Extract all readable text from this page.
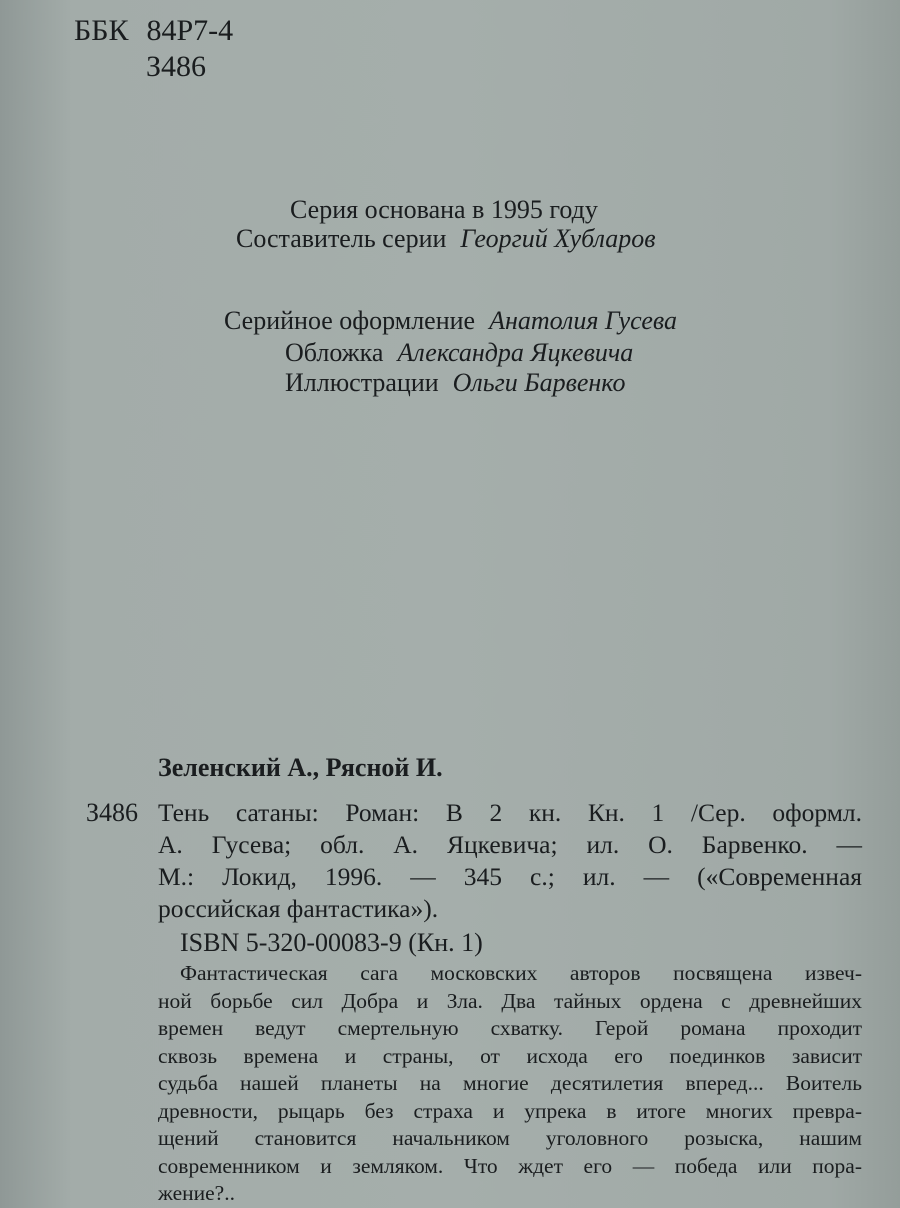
ББК 84Р7-4
З486
Серия основана в 1995 году
Составитель серии Георгий Хубларов
Серийное оформление Анатолия Гусева
Обложка Александра Яцкевича
Иллюстрации Ольги Барвенко
Зеленский А., Рясной И.
З486 Тень сатаны: Роман: В 2 кн. Кн. 1 /Сер. оформл.
А. Гусева; обл. А. Яцкевича; ил. О. Барвенко. —
М.: Локид, 1996. — 345 с.; ил. — («Современная
российская фантастика»).
ISBN 5-320-00083-9 (Кн. 1)
Фантастическая сага московских авторов посвящена извеч-
ной борьбе сил Добра и Зла. Два тайных ордена с древнейших
времен ведут смертельную схватку. Герой романа проходит
сквозь времена и страны, от исхода его поединков зависит
судьба нашей планеты на многие десятилетия вперед... Воитель
древности, рыцарь без страха и упрека в итоге многих превра-
щений становится начальником уголовного розыска, нашим
современником и земляком. Что ждет его — победа или пора-
жение?..
